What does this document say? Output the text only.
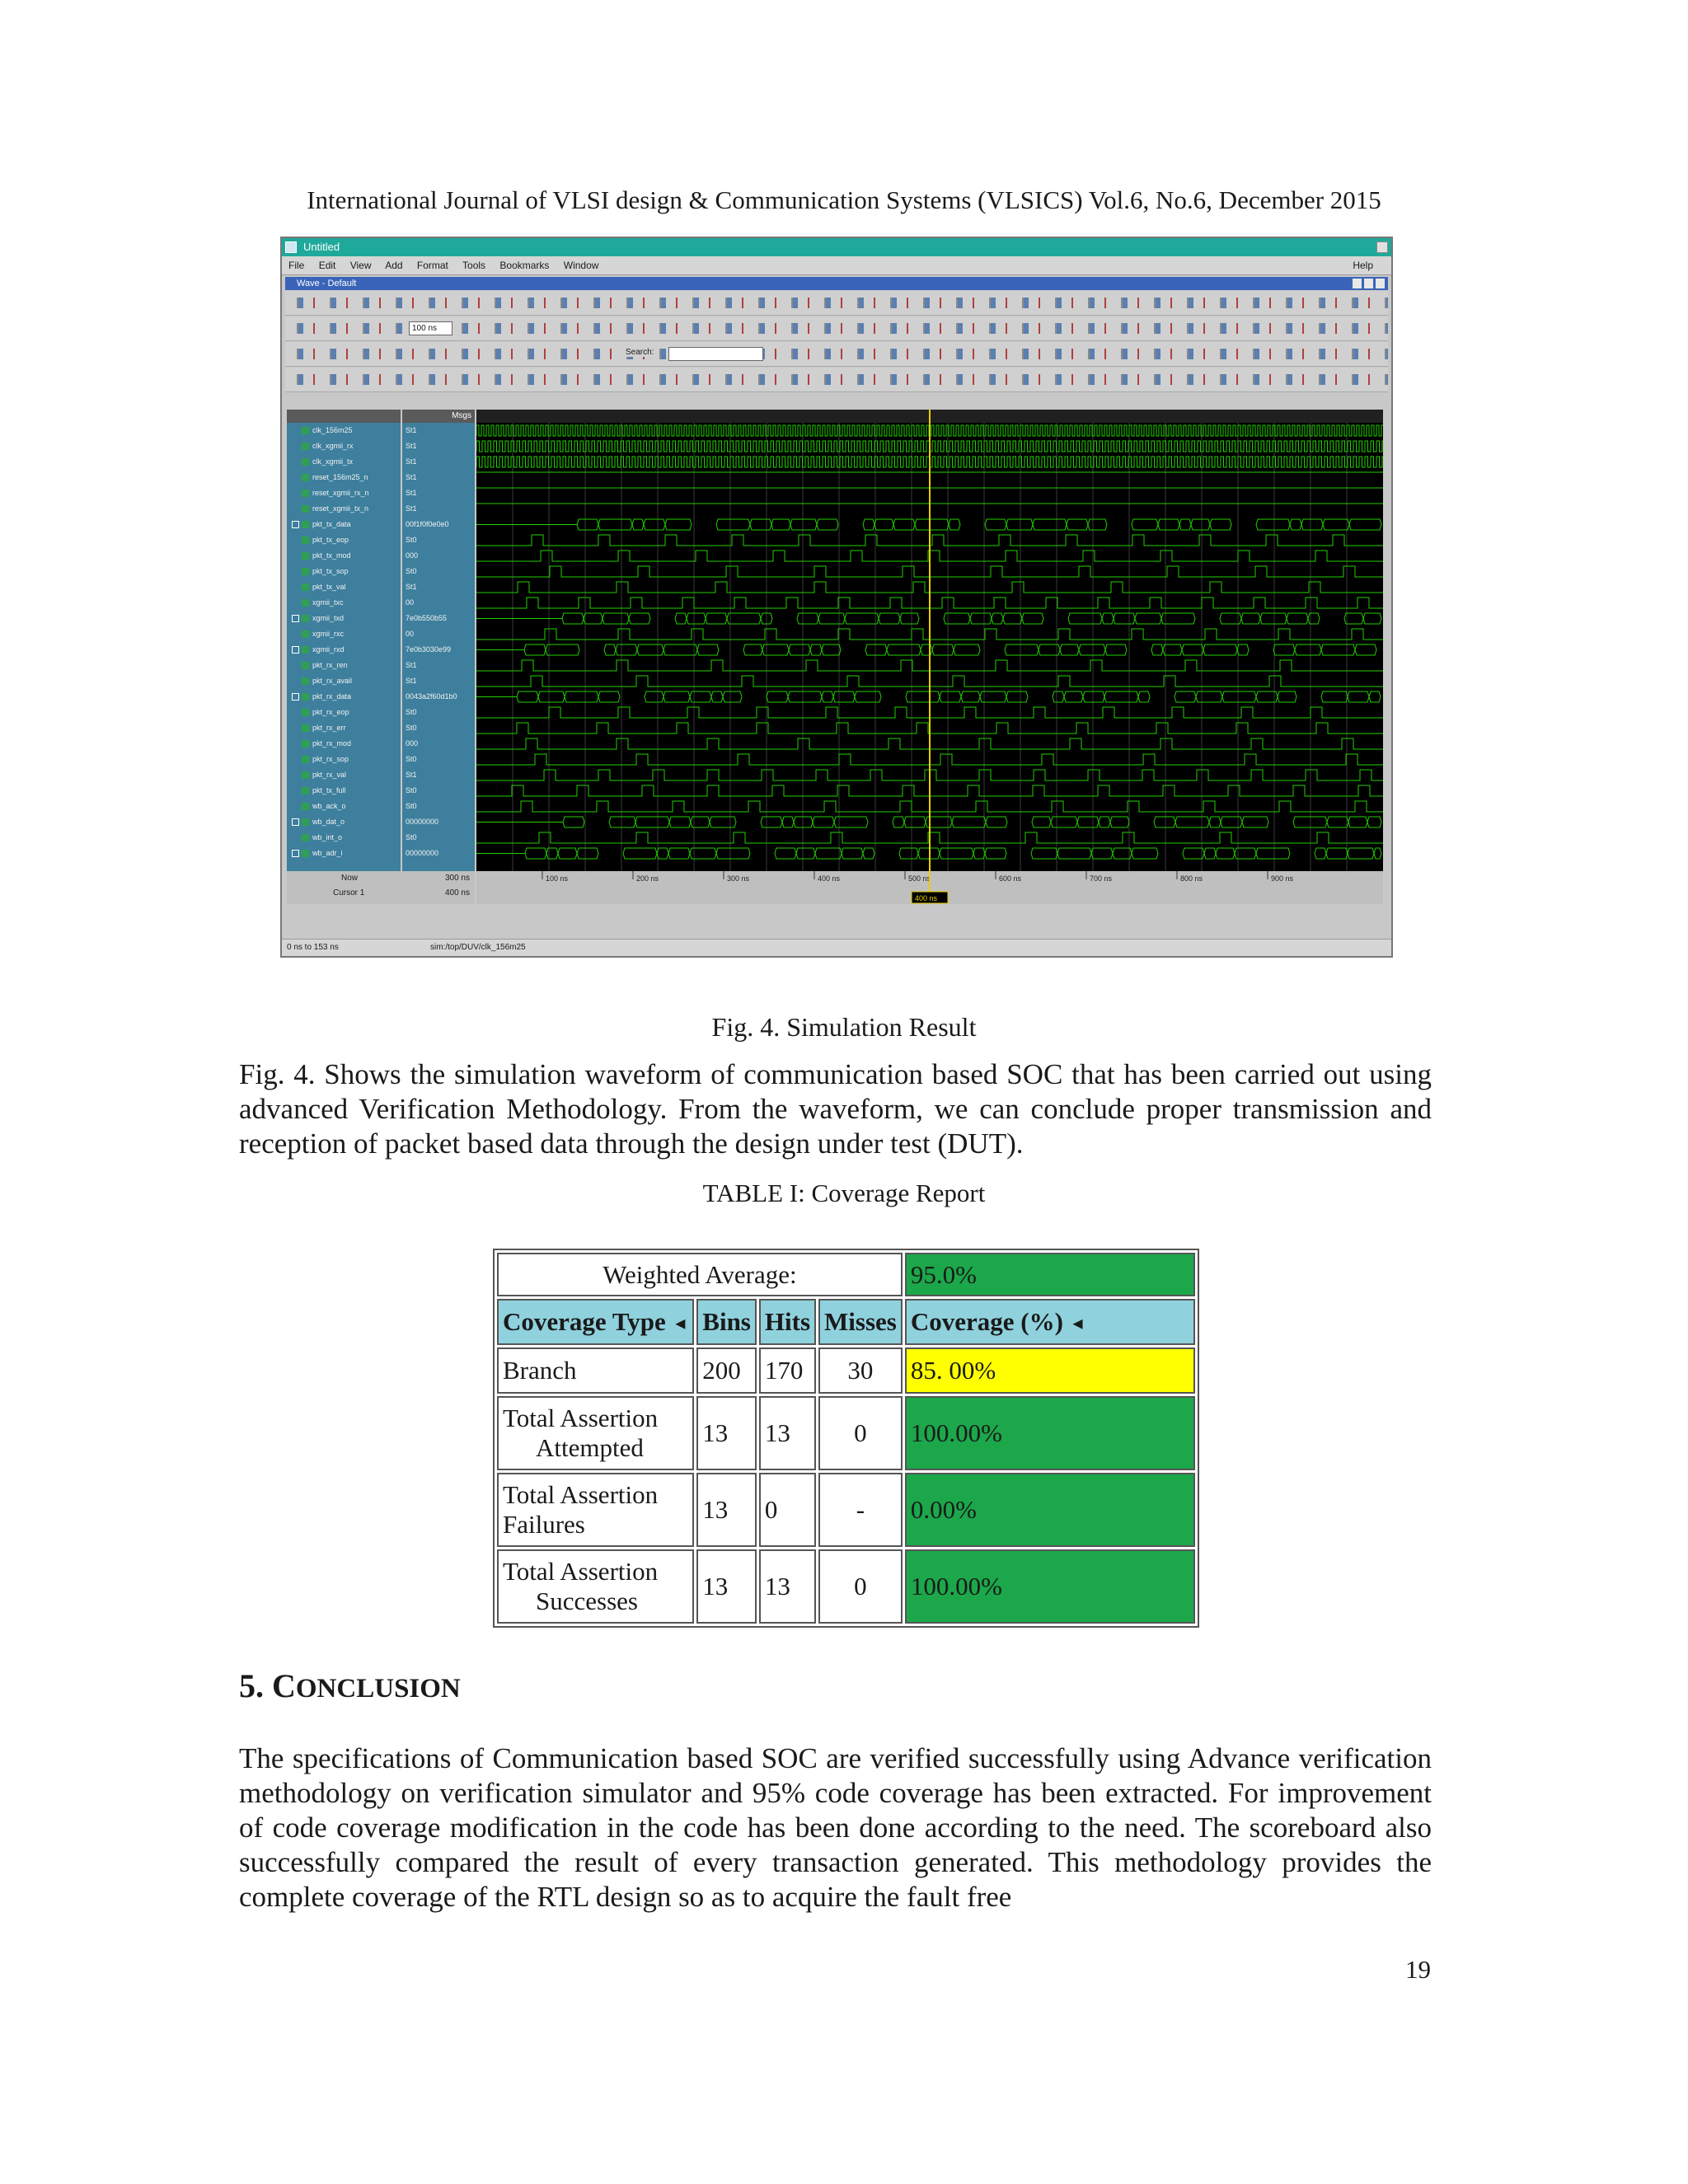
International Journal of VLSI design & Communication Systems (VLSICS) Vol.6, No.6, December 2015
Untitled
File Edit View Add Format Tools Bookmarks Window	Help
Wave - Default
100 ns
Search:

clk_156m25
clk_xgmii_rx
clk_xgmii_tx
reset_156m25_n
reset_xgmii_rx_n
reset_xgmii_tx_n
pkt_tx_data
pkt_tx_eop
pkt_tx_mod
pkt_tx_sop
pkt_tx_val
xgmii_txc
xgmii_txd
xgmii_rxc
xgmii_rxd
pkt_rx_ren
pkt_rx_avail
pkt_rx_data
pkt_rx_eop
pkt_rx_err
pkt_rx_mod
pkt_rx_sop
pkt_rx_val
pkt_tx_full
wb_ack_o
wb_dat_o
wb_int_o
wb_adr_i
Msgs
St1
St1
St1
St1
St1
St1
00f1f0f0e0e0
St0
000
St0
St1
00
7e0b550b55
00
7e0b3030e99
St1
St1
0043a2f60d1b0
St0
St0
000
St0
St1
St0
St0
00000000
St0
00000000
100 ns	200 ns	300 ns	400 ns	500 ns	600 ns	700 ns	800 ns	900 ns
400 ns
Now	300 ns
Cursor 1	400 ns
0 ns to 153 ns	sim:/top/DUV/clk_156m25
Fig. 4. Simulation Result
Fig. 4. Shows the simulation waveform of communication based SOC that has been carried out using advanced Verification Methodology. From the waveform, we can conclude proper transmission and reception of packet based data through the design under test (DUT).
TABLE I: Coverage Report
Weighted Average:				95.0%
Coverage Type ◄	Bins	Hits	Misses	Coverage (%) ◄
Branch	200	170	30	85. 00%

Total Assertion
Attempted	13	13	0	100.00%

Total Assertion
Failures	13	0	-	0.00%

Total Assertion
Successes	13	13	0	100.00%
5. CONCLUSION
The specifications of Communication based SOC are verified successfully using Advance verification methodology on verification simulator and 95% code coverage has been extracted. For improvement of code coverage modification in the code has been done according to the need. The scoreboard also successfully compared the result of every transaction generated. This methodology provides the complete coverage of the RTL design so as to acquire the fault free
19
